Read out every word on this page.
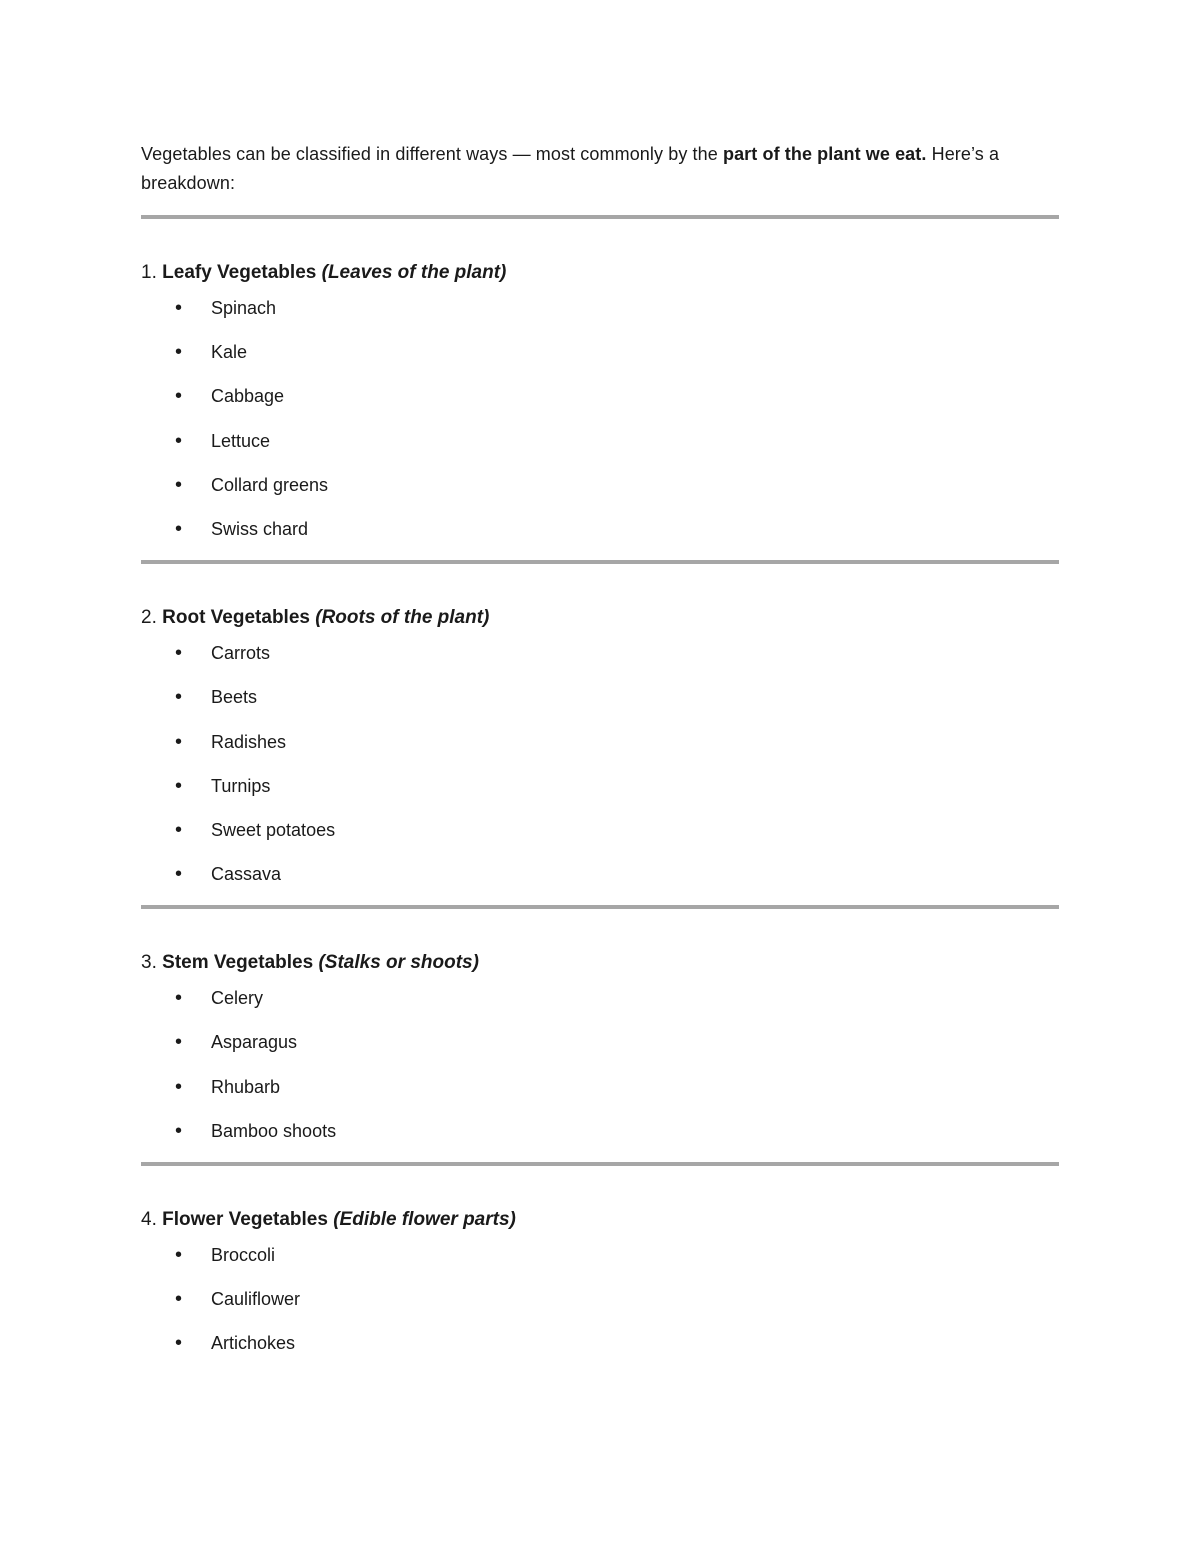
Vegetables can be classified in different ways — most commonly by the part of the plant we eat. Here’s a breakdown:

1. Leafy Vegetables (Leaves of the plant)
• Spinach
• Kale
• Cabbage
• Lettuce
• Collard greens
• Swiss chard
2. Root Vegetables (Roots of the plant)
• Carrots
• Beets
• Radishes
• Turnips
• Sweet potatoes
• Cassava
3. Stem Vegetables (Stalks or shoots)
• Celery
• Asparagus
• Rhubarb
• Bamboo shoots
4. Flower Vegetables (Edible flower parts)
• Broccoli
• Cauliflower
• Artichokes
